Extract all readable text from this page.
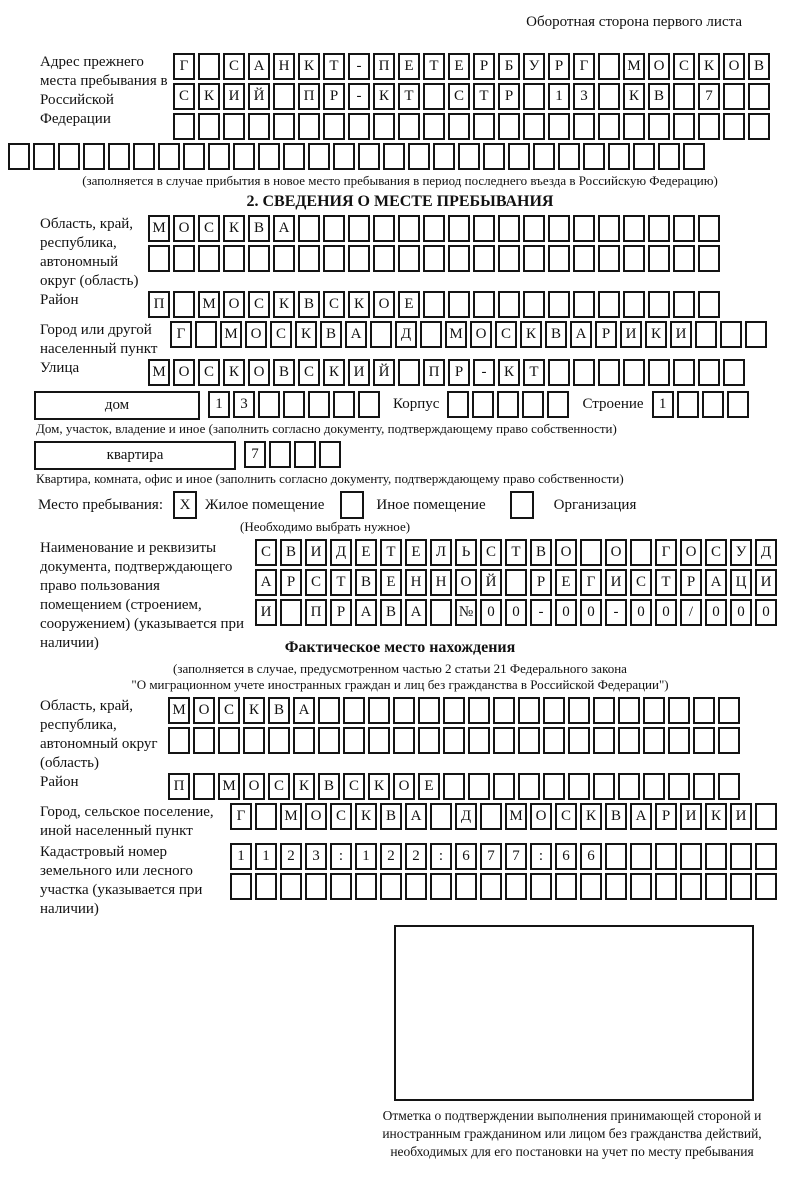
Оборотная сторона первого листа
Адрес прежнего места пребывания в Российской Федерации
Г	С А Н К	Т	-	П Е	Т	Е	Р	Б	У	Р	Г	М О С К О В
С К И Й	П	Р	-	К	Т	С	Т	Р	1	3	К В	7
(заполняется в случае прибытия в новое место пребывания в период последнего въезда в Российскую Федерацию)
2. СВЕДЕНИЯ О МЕСТЕ ПРЕБЫВАНИЯ
Область, край, республика, автономный округ (область)
М О С К В А
Район	П	М О С К В С К О Е
Город или другой населенный пункт
Г	М О С К В А	Д	М О С К В А	Р	И К И
Улица	М О С К О В С К И Й	П	Р	-	К	Т
дом	1	3	Корпус	Строение	1
Дом, участок, владение и иное (заполнить согласно документу, подтверждающему право собственности)
квартира	7
Квартира, комната, офис и иное (заполнить согласно документу, подтверждающему право собственности)
Место пребывания:	X Жилое помещение	Иное помещение	Организация
(Необходимо выбрать нужное)
Наименование и реквизиты документа, подтверждающего право пользования помещением (строением, сооружением) (указывается при наличии)
С В И Д	Е	Т	Е	Л	Ь	С	Т	В О	О	Г	О С У Д
А	Р	С	Т	В	Е	Н Н О Й	Р	Е	Г	И С	Т	Р	А Ц И
И	П	Р	А В А	№ 0	0	-	0	0	-	0	0	/	0	0	0
Фактическое место нахождения
(заполняется в случае, предусмотренном частью 2 статьи 21 Федерального закона
"О миграционном учете иностранных граждан и лиц без гражданства в Российской Федерации")
Область, край, республика, автономный округ (область)
М О С К В А
Район	П	М О С К В С К О Е
Город, сельское поселение, иной населенный пункт
Г	М О С К В А	Д	М О С К В А	Р	И К И
Кадастровый номер земельного или лесного участка (указывается при наличии)
1	1	2	3	:	1	2	2	:	6	7	7	:	6	6
Отметка о подтверждении выполнения принимающей стороной и иностранным гражданином или лицом без гражданства действий, необходимых для его постановки на учет по месту пребывания
